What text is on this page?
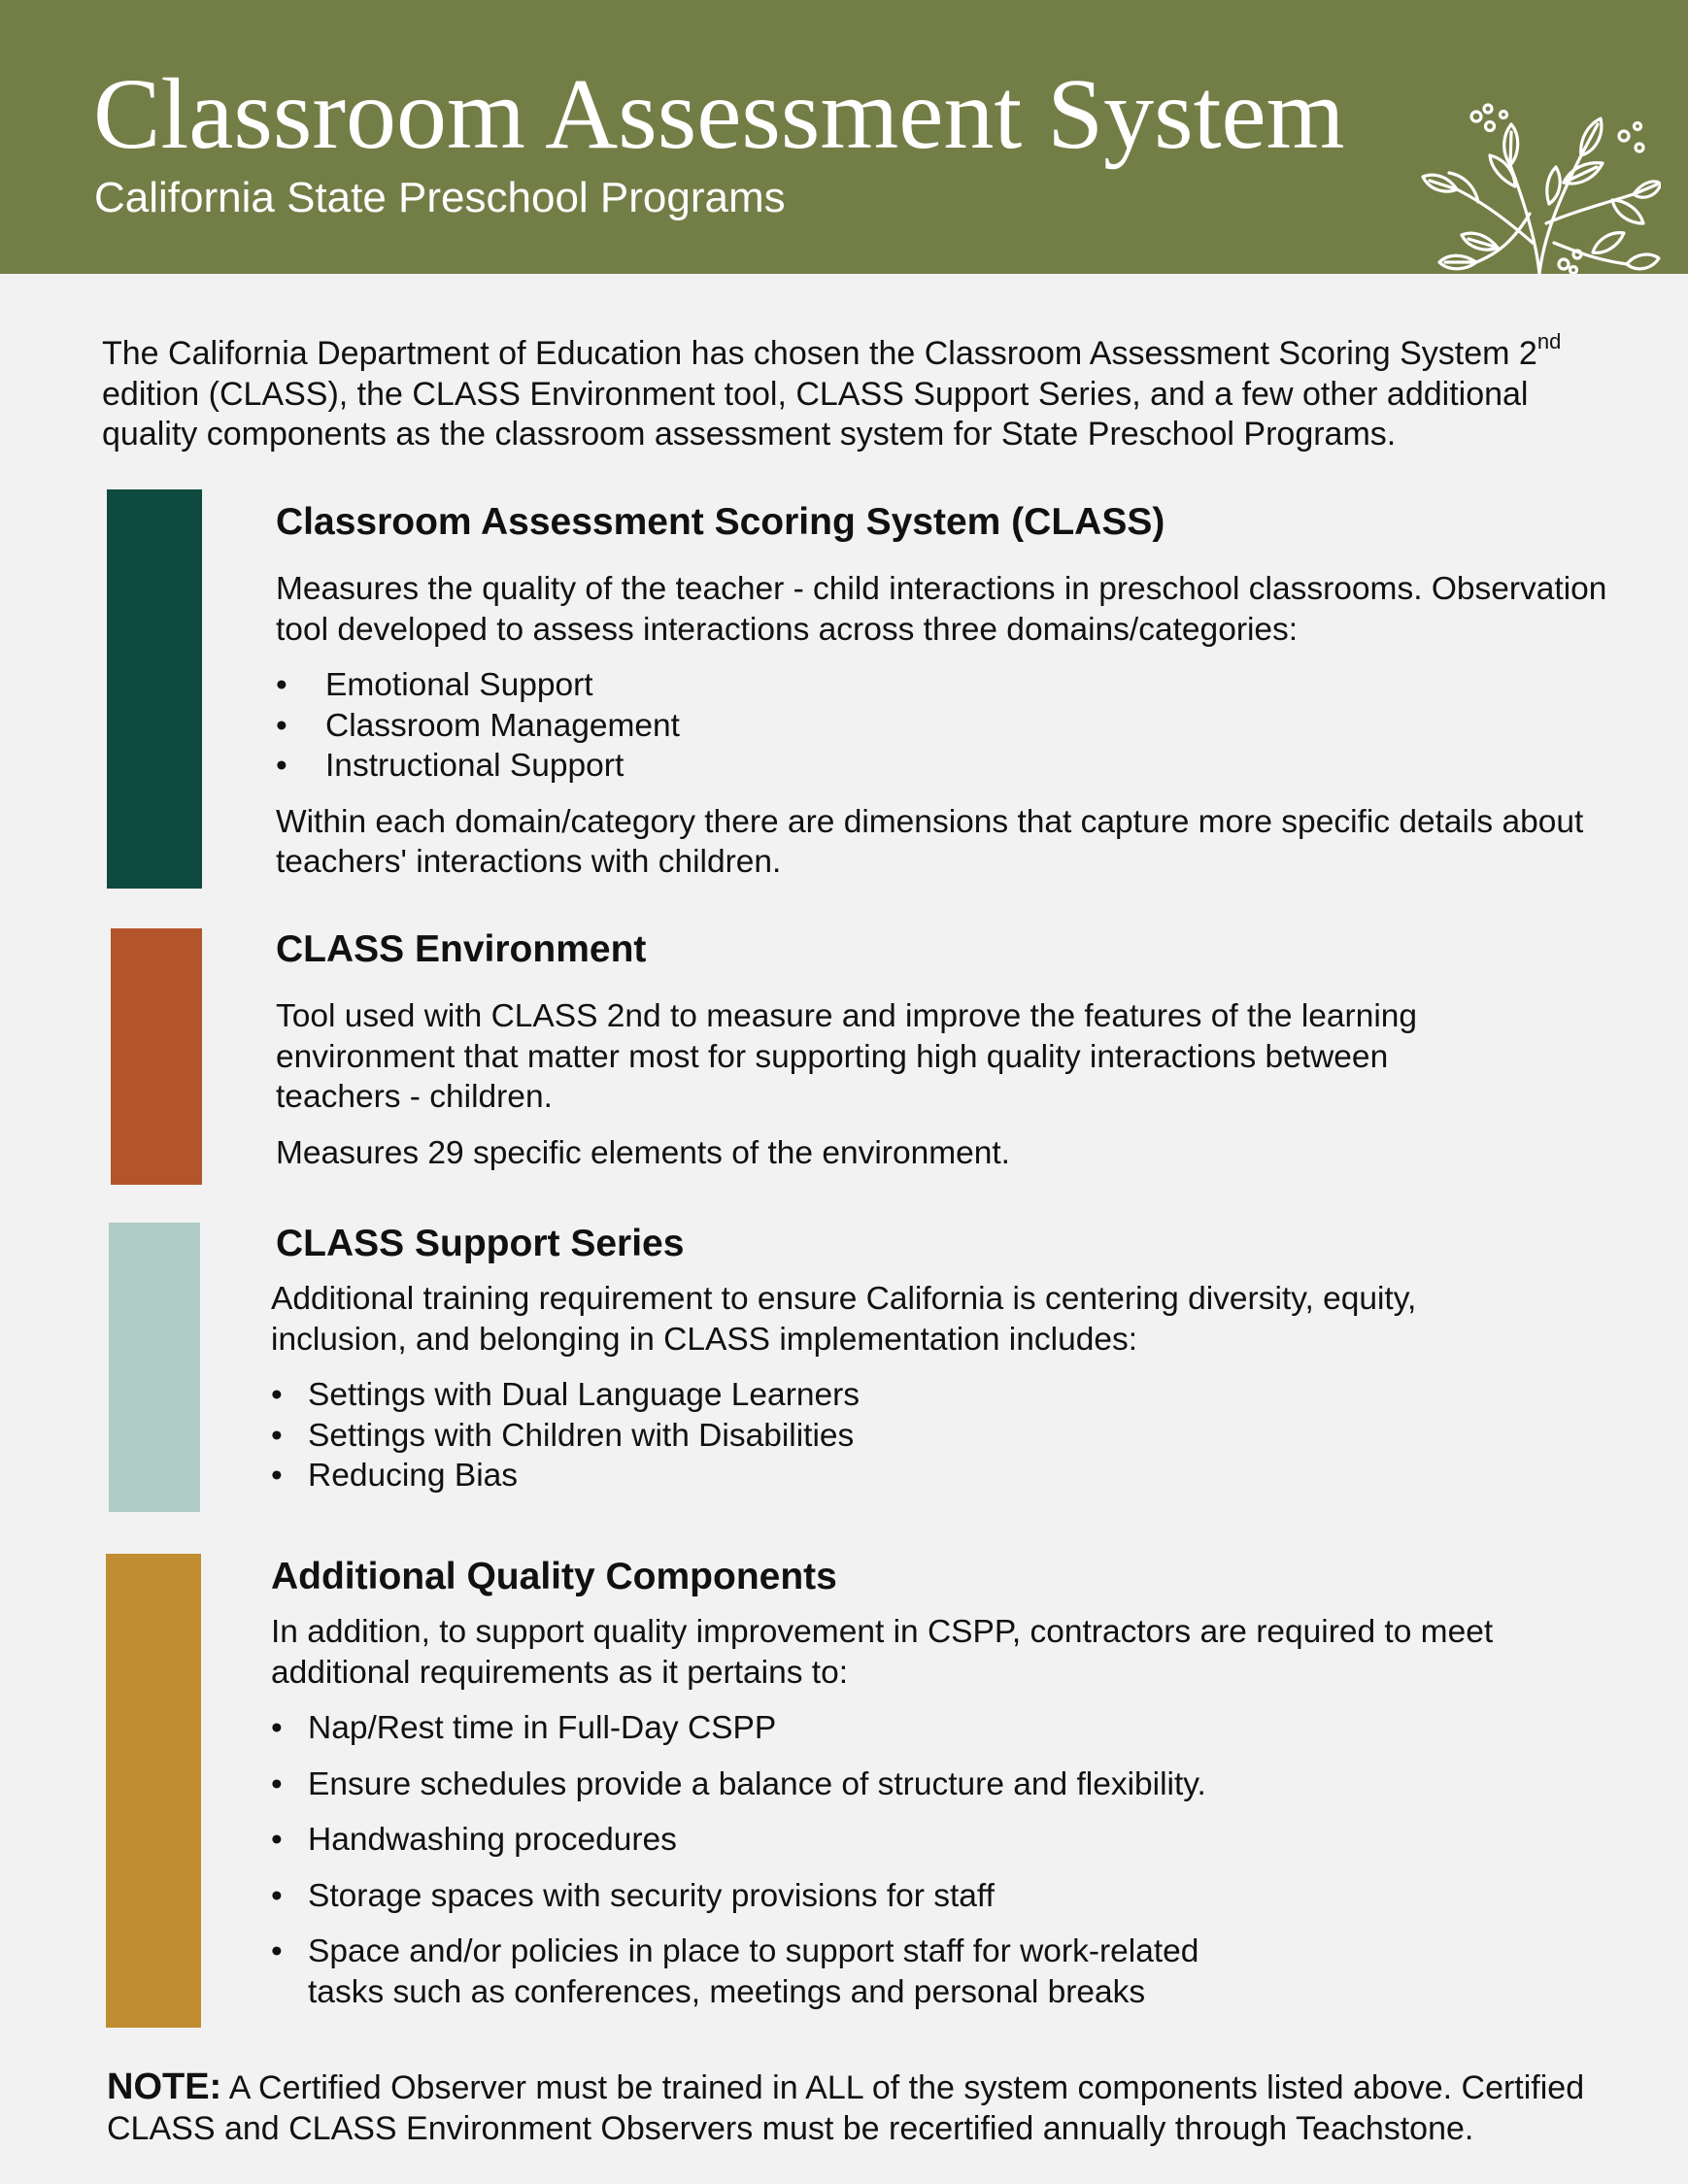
Classroom Assessment System
California State Preschool Programs
The California Department of Education has chosen the Classroom Assessment Scoring System 2nd edition (CLASS), the CLASS Environment tool, CLASS Support Series, and a few other additional quality components as the classroom assessment system for State Preschool Programs.
Classroom Assessment Scoring System (CLASS)

Measures the quality of the teacher - child interactions in preschool classrooms. Observation tool developed to assess interactions across three domains/categories:

• Emotional Support
• Classroom Management
• Instructional Support

Within each domain/category there are dimensions that capture more specific details about teachers' interactions with children.

CLASS Environment

Tool used with CLASS 2nd to measure and improve the features of the learning environment that matter most for supporting high quality interactions between teachers - children.

Measures 29 specific elements of the environment.

CLASS Support Series

Additional training requirement to ensure California is centering diversity, equity, inclusion, and belonging in CLASS implementation includes:

• Settings with Dual Language Learners
• Settings with Children with Disabilities
• Reducing Bias
Additional Quality Components

In addition, to support quality improvement in CSPP, contractors are required to meet additional requirements as it pertains to:

• Nap/Rest time in Full-Day CSPP
• Ensure schedules provide a balance of structure and flexibility.
• Handwashing procedures
• Storage spaces with security provisions for staff
• Space and/or policies in place to support staff for work-related tasks such as conferences, meetings and personal breaks
NOTE: A Certified Observer must be trained in ALL of the system components listed above. Certified CLASS and CLASS Environment Observers must be recertified annually through Teachstone.
